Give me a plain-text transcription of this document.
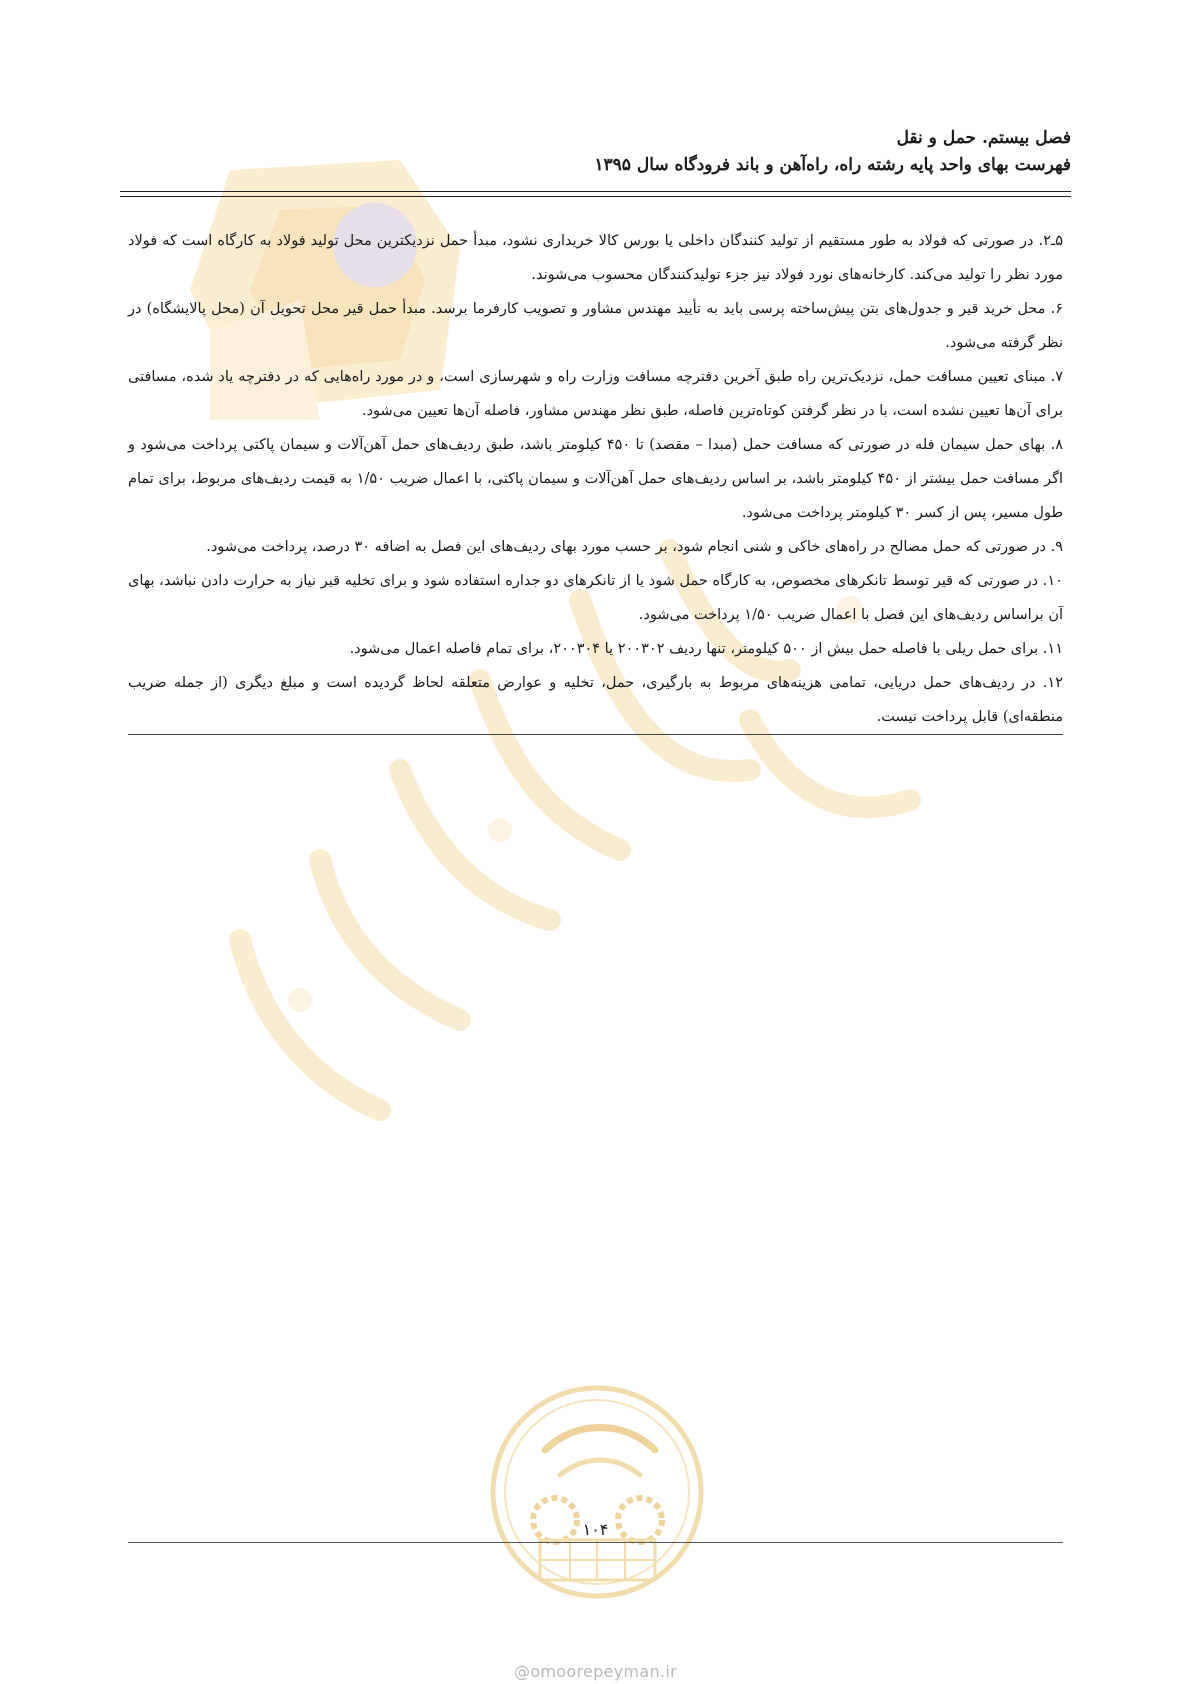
فصل بیستم. حمل و نقل
فهرست بهای واحد پایه رشته راه، راه‌آهن و باند فرودگاه سال ۱۳۹۵

۵ـ۲. در صورتی که فولاد به طور مستقیم از تولید کنندگان داخلی یا بورس کالا خریداری نشود، مبدأ حمل نزدیکترین محل تولید فولاد به کارگاه است که فولاد مورد نظر را تولید می‌کند. کارخانه‌های نورد فولاد نیز جزء تولیدکنندگان محسوب می‌شوند.

۶. محل خرید قیر و جدول‌های بتن پیش‌ساخته پرسی باید به تأیید مهندس مشاور و تصویب کارفرما برسد. مبدأ حمل قیر محل تحویل آن (محل پالایشگاه) در نظر گرفته می‌شود.

۷. مبنای تعیین مسافت حمل، نزدیک‌ترین راه طبق آخرین دفترچه مسافت وزارت راه و شهرسازی است، و در مورد راه‌هایی که در دفترچه یاد شده، مسافتی برای آن‌ها تعیین نشده است، با در نظر گرفتن کوتاه‌ترین فاصله، طبق نظر مهندس مشاور، فاصله آن‌ها تعیین می‌شود.

۸. بهای حمل سیمان فله در صورتی که مسافت حمل (مبدا – مقصد) تا ۴۵۰ کیلومتر باشد، طبق ردیف‌های حمل آهن‌آلات و سیمان پاکتی پرداخت می‌شود و اگر مسافت حمل بیشتر از ۴۵۰ کیلومتر باشد، بر اساس ردیف‌های حمل آهن‌آلات و سیمان پاکتی، با اعمال ضریب ۱/۵۰ به قیمت ردیف‌های مربوط، برای تمام طول مسیر، پس از کسر ۳۰ کیلومتر پرداخت می‌شود.

۹. در صورتی که حمل مصالح در راه‌های خاکی و شنی انجام شود، بر حسب مورد بهای ردیف‌های این فصل به اضافه ۳۰ درصد، پرداخت می‌شود.

۱۰. در صورتی که قیر توسط تانکرهای مخصوص، به کارگاه حمل شود یا از تانکرهای دو جداره استفاده شود و برای تخلیه قیر نیاز به حرارت دادن نباشد، بهای آن براساس ردیف‌های این فصل با اعمال ضریب ۱/۵۰ پرداخت می‌شود.

۱۱. برای حمل ریلی با فاصله حمل بیش از ۵۰۰ کیلومتر، تنها ردیف ۲۰۰۳۰۲ یا ۲۰۰۳۰۴، برای تمام فاصله اعمال می‌شود.

۱۲. در ردیف‌های حمل دریایی، تمامی هزینه‌های مربوط به بارگیری، حمل، تخلیه و عوارض متعلقه لحاظ گردیده است و مبلغ دیگری (از جمله ضریب منطقه‌ای) قابل پرداخت نیست.

۱۰۴
@omoorepeyman.ir
